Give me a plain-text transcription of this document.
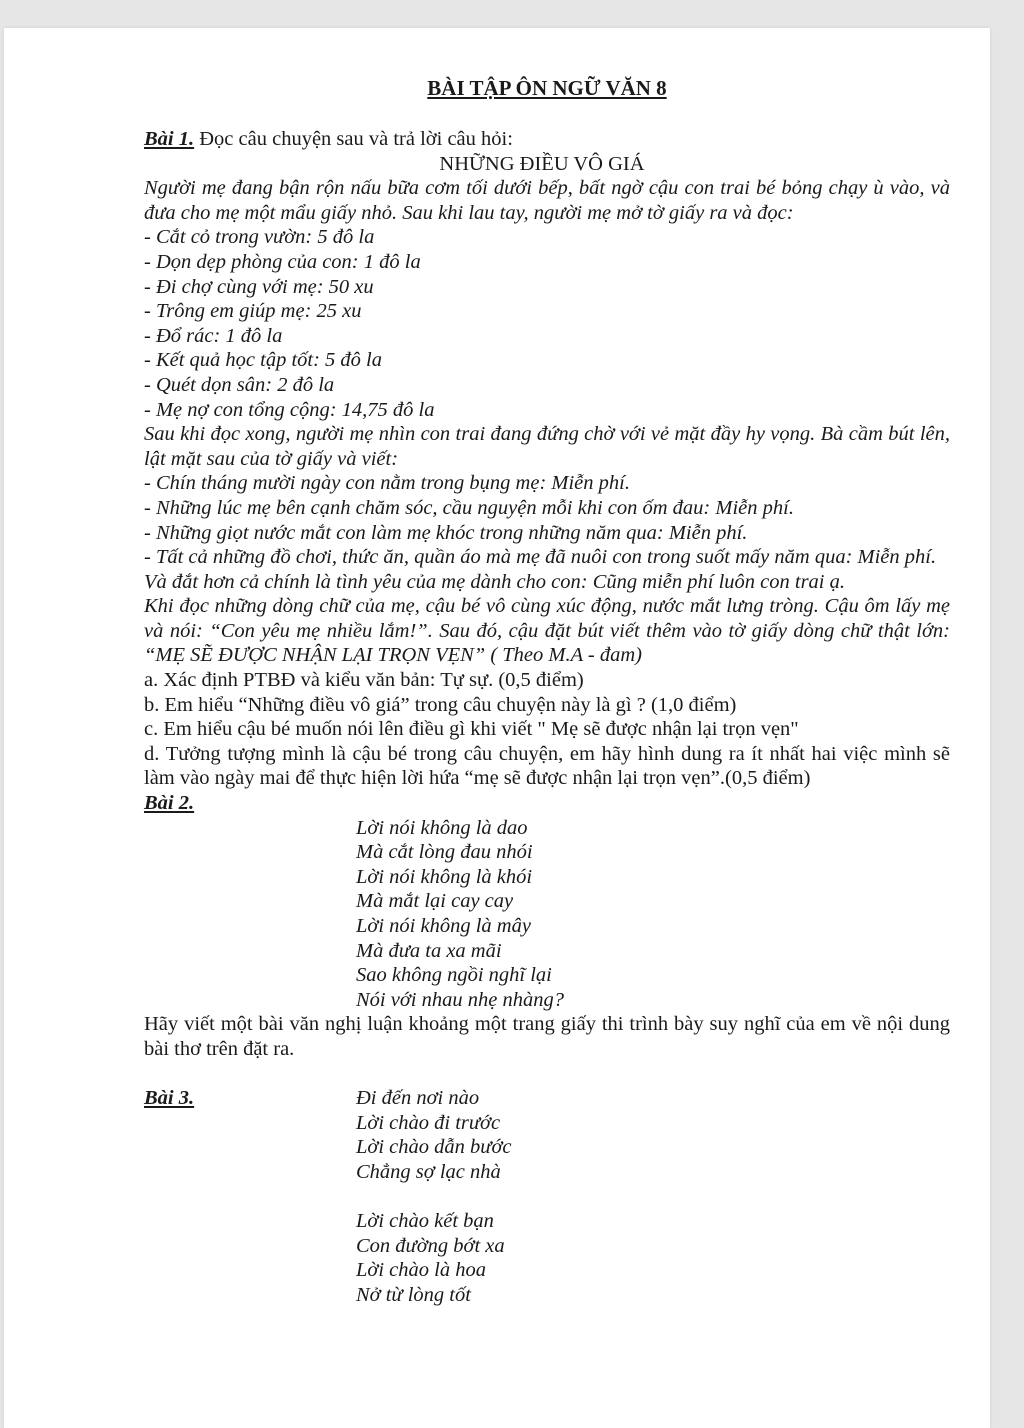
BÀI TẬP ÔN NGỮ VĂN 8

Bài 1. Đọc câu chuyện sau và trả lời câu hỏi:

NHỮNG ĐIỀU VÔ GIÁ

Người mẹ đang bận rộn nấu bữa cơm tối dưới bếp, bất ngờ cậu con trai bé bỏng chạy ù vào, và đưa cho mẹ một mẩu giấy nhỏ. Sau khi lau tay, người mẹ mở tờ giấy ra và đọc:

- Cắt cỏ trong vườn: 5 đô la

- Dọn dẹp phòng của con: 1 đô la

- Đi chợ cùng với mẹ: 50 xu

- Trông em giúp mẹ: 25 xu

- Đổ rác: 1 đô la

- Kết quả học tập tốt: 5 đô la

- Quét dọn sân: 2 đô la

- Mẹ nợ con tổng cộng: 14,75 đô la

Sau khi đọc xong, người mẹ nhìn con trai đang đứng chờ với vẻ mặt đầy hy vọng. Bà cầm bút lên, lật mặt sau của tờ giấy và viết:

- Chín tháng mười ngày con nằm trong bụng mẹ: Miễn phí.

- Những lúc mẹ bên cạnh chăm sóc, cầu nguyện mỗi khi con ốm đau: Miễn phí.

- Những giọt nước mắt con làm mẹ khóc trong những năm qua: Miễn phí.

- Tất cả những đồ chơi, thức ăn, quần áo mà mẹ đã nuôi con trong suốt mấy năm qua: Miễn phí.

Và đắt hơn cả chính là tình yêu của mẹ dành cho con: Cũng miễn phí luôn con trai ạ.

Khi đọc những dòng chữ của mẹ, cậu bé vô cùng xúc động, nước mắt lưng tròng. Cậu ôm lấy mẹ và nói: “Con yêu mẹ nhiều lắm!”. Sau đó, cậu đặt bút viết thêm vào tờ giấy dòng chữ thật lớn: “MẸ SẼ ĐƯỢC NHẬN LẠI TRỌN VẸN” ( Theo M.A - đam)

a. Xác định PTBĐ và kiểu văn bản: Tự sự. (0,5 điểm)

b. Em hiểu “Những điều vô giá” trong câu chuyện này là gì ? (1,0 điểm)

c. Em hiểu cậu bé muốn nói lên điều gì khi viết " Mẹ sẽ được nhận lại trọn vẹn"

d. Tưởng tượng mình là cậu bé trong câu chuyện, em hãy hình dung ra ít nhất hai việc mình sẽ làm vào ngày mai để thực hiện lời hứa “mẹ sẽ được nhận lại trọn vẹn”.(0,5 điểm)

Bài 2.

Lời nói không là dao

Mà cắt lòng đau nhói

Lời nói không là khói

Mà mắt lại cay cay

Lời nói không là mây

Mà đưa ta xa mãi

Sao không ngồi nghĩ lại

Nói với nhau nhẹ nhàng?

Hãy viết một bài văn nghị luận khoảng một trang giấy thi trình bày suy nghĩ của em về nội dung bài thơ trên đặt ra.

Bài 3.	Đi đến nơi nào

Lời chào đi trước

Lời chào dẫn bước

Chẳng sợ lạc nhà

Lời chào kết bạn

Con đường bớt xa

Lời chào là hoa

Nở từ lòng tốt
